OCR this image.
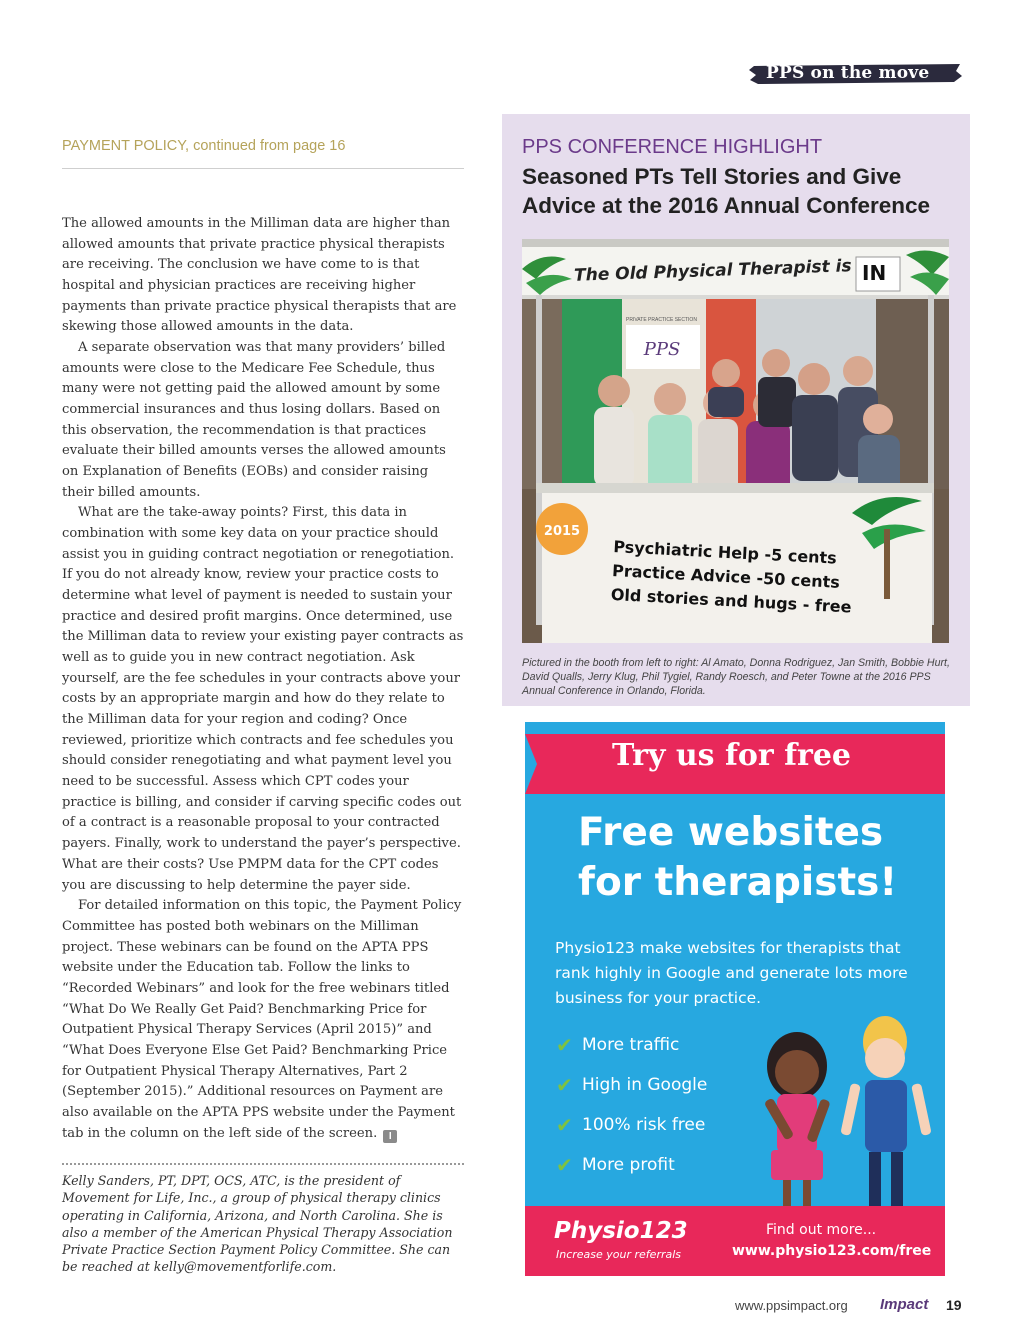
PPS on the move
PAYMENT POLICY, continued from page 16

The allowed amounts in the Milliman data are higher than allowed amounts that private practice physical therapists are receiving. The conclusion we have come to is that hospital and physician practices are receiving higher payments than private practice physical therapists that are skewing those allowed amounts in the data.

A separate observation was that many providers’ billed amounts were close to the Medicare Fee Schedule, thus many were not getting paid the allowed amount by some commercial insurances and thus losing dollars. Based on this observation, the recommendation is that practices evaluate their billed amounts verses the allowed amounts on Explanation of Benefits (EOBs) and consider raising their billed amounts.

What are the take-away points? First, this data in combination with some key data on your practice should assist you in guiding contract negotiation or renegotiation. If you do not already know, review your practice costs to determine what level of payment is needed to sustain your practice and desired profit margins. Once determined, use the Milliman data to review your existing payer contracts as well as to guide you in new contract negotiation. Ask yourself, are the fee schedules in your contracts above your costs by an appropriate margin and how do they relate to the Milliman data for your region and coding? Once reviewed, prioritize which contracts and fee schedules you should consider renegotiating and what payment level you need to be successful. Assess which CPT codes your practice is billing, and consider if carving specific codes out of a contract is a reasonable proposal to your contracted payers. Finally, work to understand the payer’s perspective. What are their costs? Use PMPM data for the CPT codes you are discussing to help determine the payer side.

For detailed information on this topic, the Payment Policy Committee has posted both webinars on the Milliman project. These webinars can be found on the APTA PPS website under the Education tab. Follow the links to “Recorded Webinars” and look for the free webinars titled “What Do We Really Get Paid? Benchmarking Price for Outpatient Physical Therapy Services (April 2015)” and “What Does Everyone Else Get Paid? Benchmarking Price for Outpatient Physical Therapy Alternatives, Part 2 (September 2015).” Additional resources on Payment are also available on the APTA PPS website under the Payment tab in the column on the left side of the screen. I

Kelly Sanders, PT, DPT, OCS, ATC, is the president of Movement for Life, Inc., a group of physical therapy clinics operating in California, Arizona, and North Carolina. She is also a member of the American Physical Therapy Association Private Practice Section Payment Policy Committee. She can be reached at kelly@movementforlife.com.
PPS CONFERENCE HIGHLIGHT
Seasoned PTs Tell Stories and Give Advice at the 2016 Annual Conference
PPS
2015
The Old Physical Therapist is IN
PRIVATE PRACTICE SECTION
Psychiatric Help -5 cents
Practice Advice -50 cents
Old stories and hugs - free
Pictured in the booth from left to right: Al Amato, Donna Rodriguez, Jan Smith, Bobbie Hurt, David Qualls, Jerry Klug, Phil Tygiel, Randy Roesch, and Peter Towne at the 2016 PPS Annual Conference in Orlando, Florida.
Try us for free
Free websites
for therapists!
Physio123 make websites for therapists that rank highly in Google and generate lots more business for your practice.
✔ More traffic
✔ High in Google
✔ 100% risk free
✔ More profit
Physio123
Increase your referrals
Find out more...
www.physio123.com/free
www.ppsimpact.org Impact 19
